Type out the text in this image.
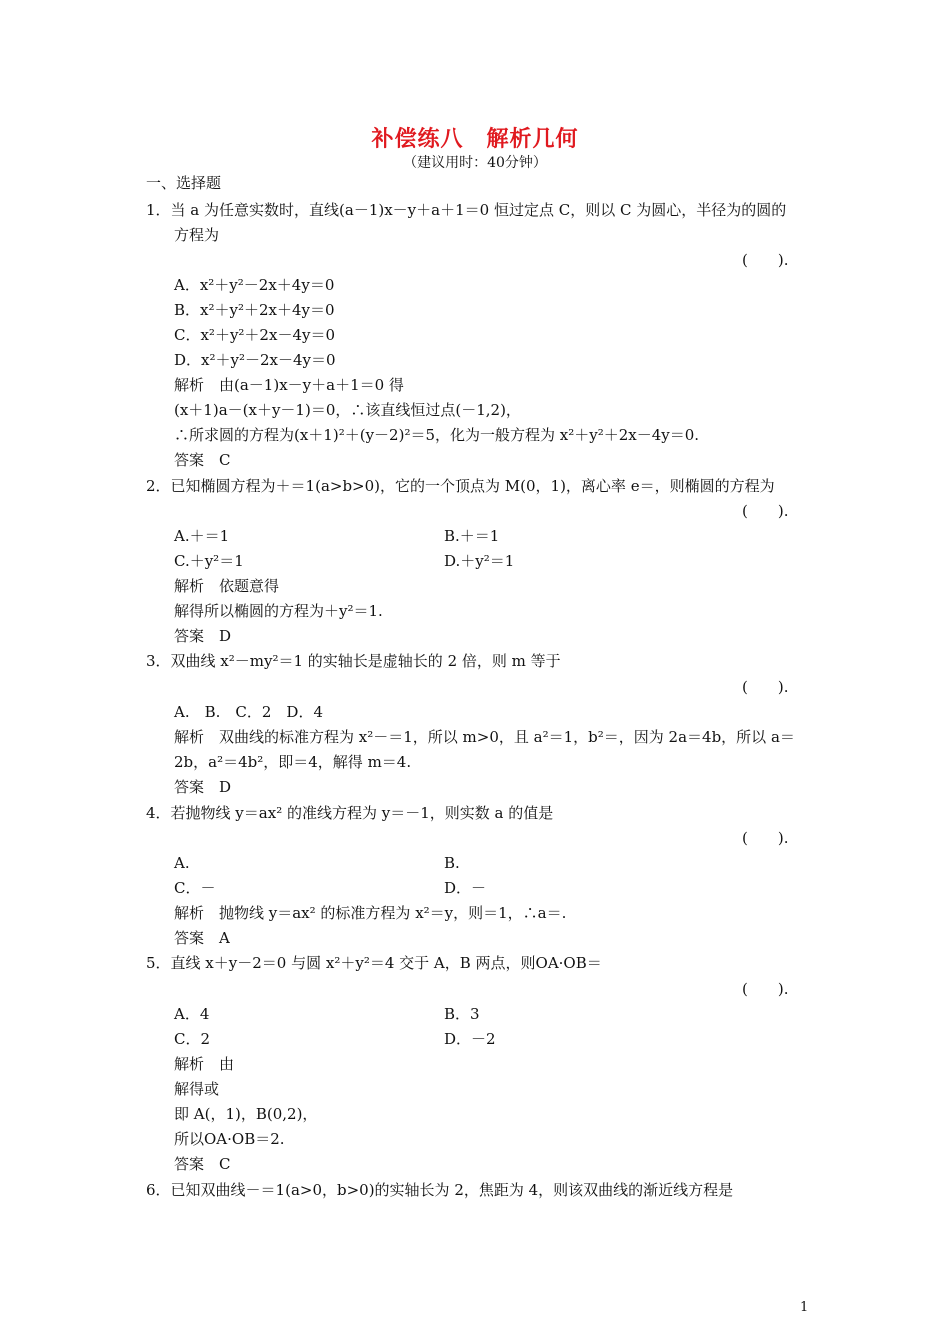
补偿练八　解析几何
（建议用时：40分钟）
一、选择题
1．当 a 为任意实数时，直线(a－1)x－y＋a＋1＝0 恒过定点 C，则以 C 为圆心，半径为的圆的
方程为
(　　).
A．x²＋y²－2x＋4y＝0
B．x²＋y²＋2x＋4y＝0
C．x²＋y²＋2x－4y＝0
D．x²＋y²－2x－4y＝0
解析　由(a－1)x－y＋a＋1＝0 得
(x＋1)a－(x＋y－1)＝0，∴该直线恒过点(－1,2)，
∴所求圆的方程为(x＋1)²＋(y－2)²＝5，化为一般方程为 x²＋y²＋2x－4y＝0.
答案　C
2．已知椭圆方程为＋＝1(a>b>0)，它的一个顶点为 M(0，1)，离心率 e＝，则椭圆的方程为
(　　).
A.＋＝1	B.＋＝1
C.＋y²＝1	D.＋y²＝1
解析　依题意得
解得所以椭圆的方程为＋y²＝1.
答案　D
3．双曲线 x²－my²＝1 的实轴长是虚轴长的 2 倍，则 m 等于
(　　).
A.　B.　C．2　D．4
解析　双曲线的标准方程为 x²－＝1，所以 m>0，且 a²＝1，b²＝，因为 2a＝4b，所以 a＝
2b，a²＝4b²，即＝4，解得 m＝4.
答案　D
4．若抛物线 y＝ax² 的准线方程为 y＝－1，则实数 a 的值是
(　　).
A.	B.
C．－	D．－
解析　抛物线 y＝ax² 的标准方程为 x²＝y，则＝1，∴a＝.
答案　A
5．直线 x＋y－2＝0 与圆 x²＋y²＝4 交于 A，B 两点，则OA·OB＝
(　　).
A．4	B．3
C．2	D．－2
解析　由
解得或
即 A(，1)，B(0,2)，
所以OA·OB＝2.
答案　C
6．已知双曲线－＝1(a>0，b>0)的实轴长为 2，焦距为 4，则该双曲线的渐近线方程是
1
